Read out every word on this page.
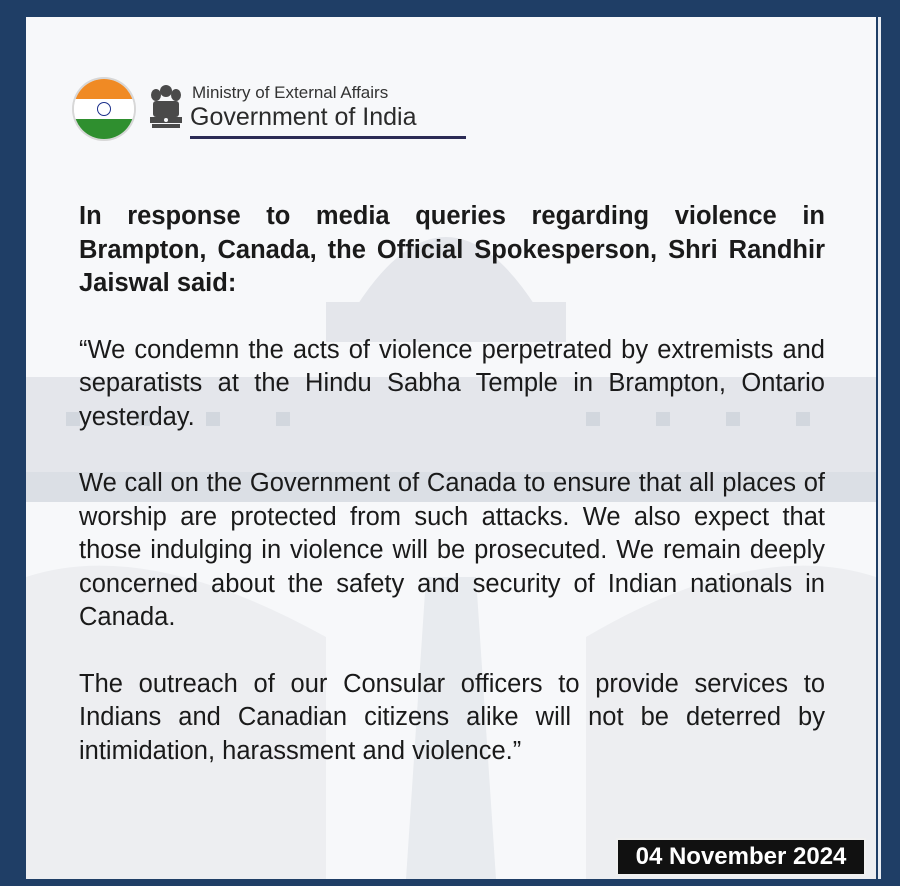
Ministry of External Affairs
Government of India

In response to media queries regarding violence in Brampton, Canada, the Official Spokesperson, Shri Randhir Jaiswal said:

“We condemn the acts of violence perpetrated by extremists and separatists at the Hindu Sabha Temple in Brampton, Ontario yesterday.

We call on the Government of Canada to ensure that all places of worship are protected from such attacks. We also expect that those indulging in violence will be prosecuted. We remain deeply concerned about the safety and security of Indian nationals in Canada.

The outreach of our Consular officers to provide services to Indians and Canadian citizens alike will not be deterred by intimidation, harassment and violence.”

04 November 2024
